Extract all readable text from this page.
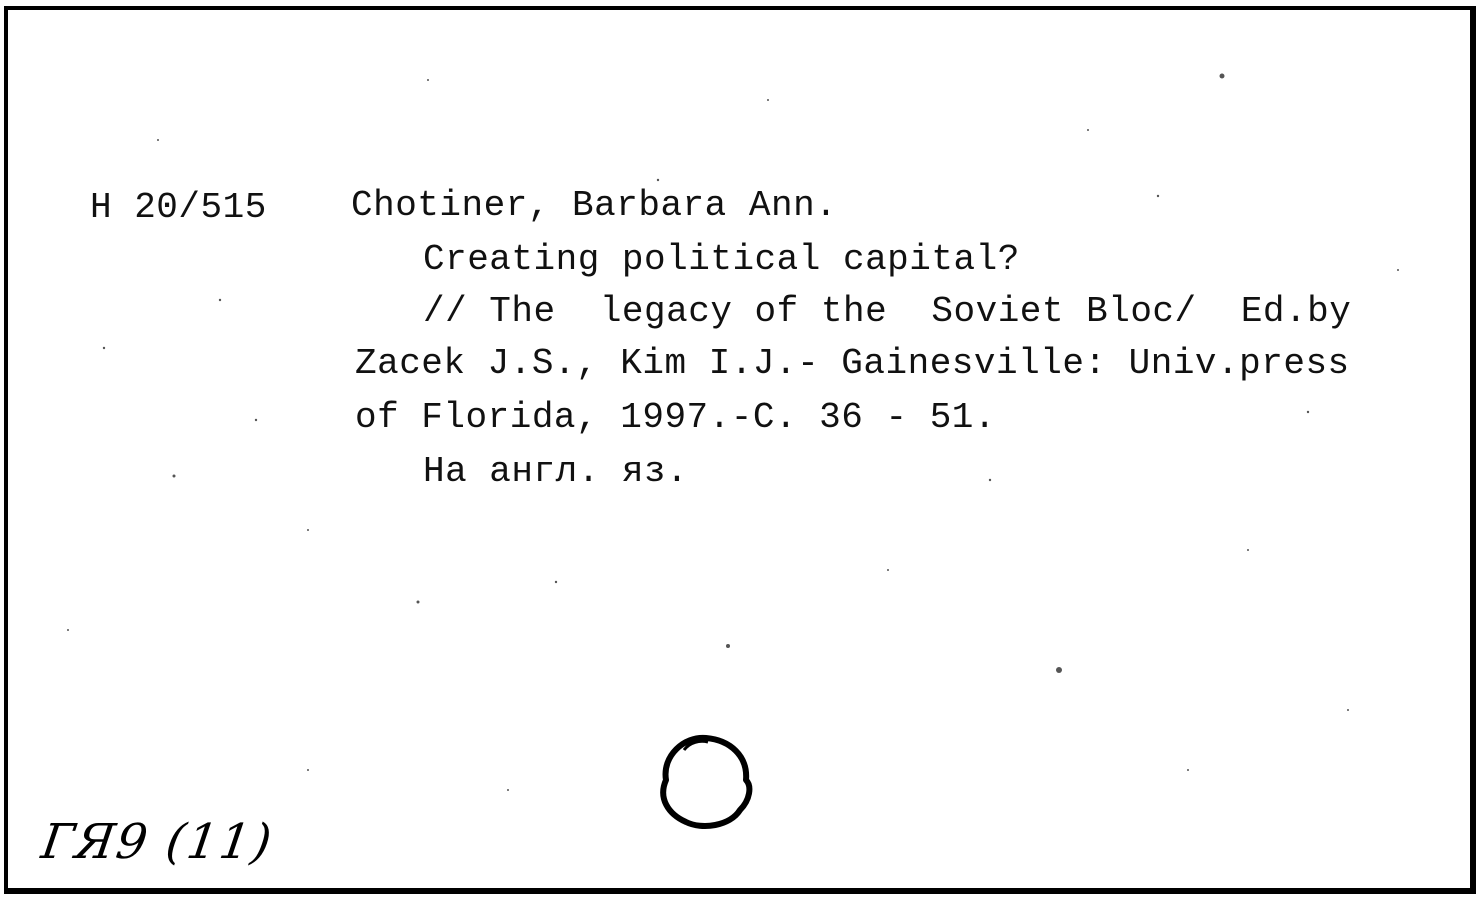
H 20/515 Chotiner, Barbara Ann.
Creating political capital?
// The  legacy of the  Soviet Bloc/  Ed.by
Zacek J.S., Kim I.J.- Gainesville: Univ.press
of Florida, 1997.-C. 36 - 51.
На англ. яз.
ГЯ9 (11)
